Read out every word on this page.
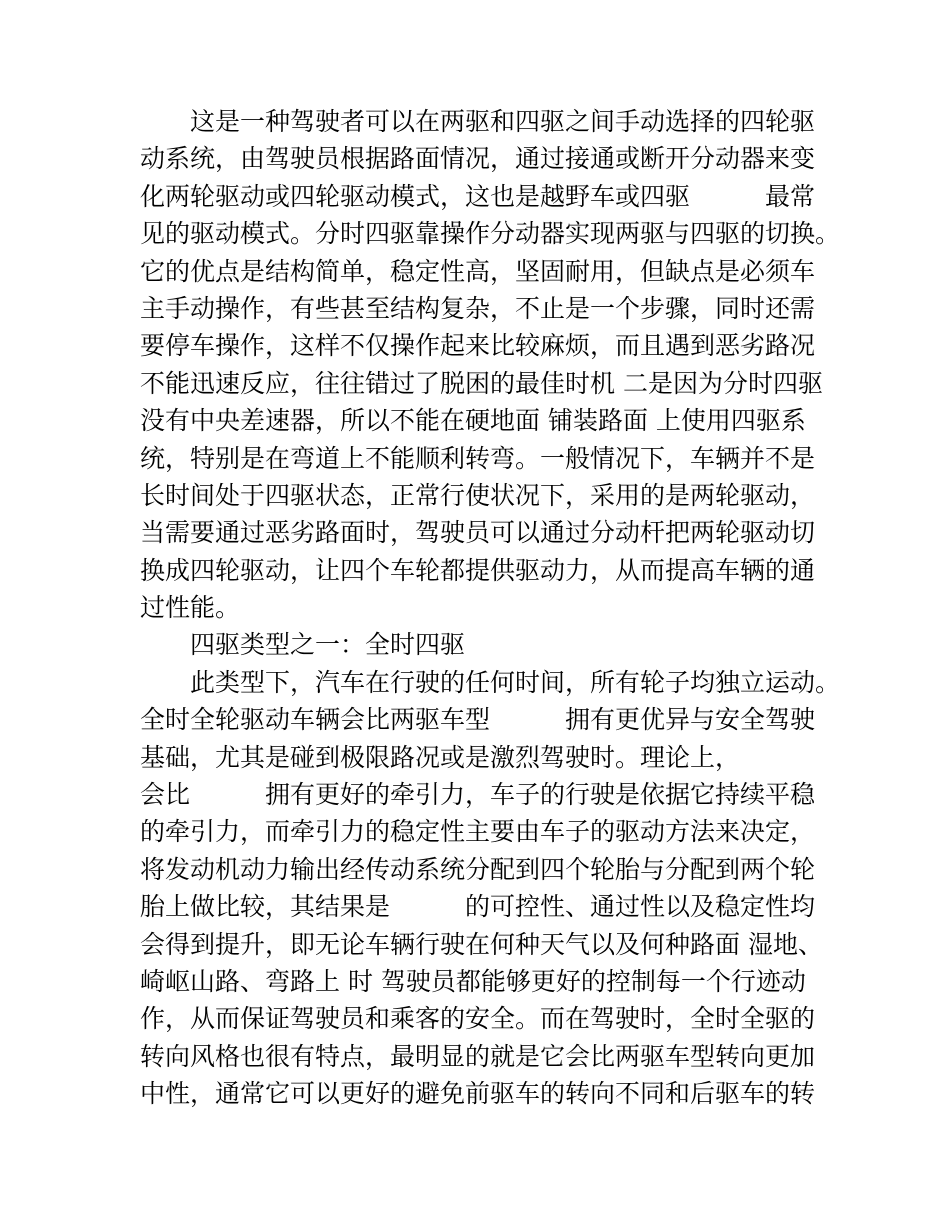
这是一种驾驶者可以在两驱和四驱之间手动选择的四轮驱
动系统，由驾驶员根据路面情况，通过接通或断开分动器来变
化两轮驱动或四轮驱动模式，这也是越野车或四驱　　　最常
见的驱动模式。分时四驱靠操作分动器实现两驱与四驱的切换。
它的优点是结构简单，稳定性高，坚固耐用，但缺点是必须车
主手动操作，有些甚至结构复杂，不止是一个步骤，同时还需
要停车操作，这样不仅操作起来比较麻烦，而且遇到恶劣路况
不能迅速反应，往往错过了脱困的最佳时机 二是因为分时四驱
没有中央差速器，所以不能在硬地面 铺装路面 上使用四驱系
统，特别是在弯道上不能顺利转弯。一般情况下，车辆并不是
长时间处于四驱状态，正常行使状况下，采用的是两轮驱动，
当需要通过恶劣路面时，驾驶员可以通过分动杆把两轮驱动切
换成四轮驱动，让四个车轮都提供驱动力，从而提高车辆的通
过性能。
四驱类型之一：全时四驱
此类型下，汽车在行驶的任何时间，所有轮子均独立运动。
全时全轮驱动车辆会比两驱车型　　　拥有更优异与安全驾驶
基础，尤其是碰到极限路况或是激烈驾驶时。理论上，
会比　　　拥有更好的牵引力，车子的行驶是依据它持续平稳
的牵引力，而牵引力的稳定性主要由车子的驱动方法来决定，
将发动机动力输出经传动系统分配到四个轮胎与分配到两个轮
胎上做比较，其结果是　　　的可控性、通过性以及稳定性均
会得到提升，即无论车辆行驶在何种天气以及何种路面 湿地、
崎岖山路、弯路上 时 驾驶员都能够更好的控制每一个行迹动
作，从而保证驾驶员和乘客的安全。而在驾驶时，全时全驱的
转向风格也很有特点，最明显的就是它会比两驱车型转向更加
中性，通常它可以更好的避免前驱车的转向不同和后驱车的转
